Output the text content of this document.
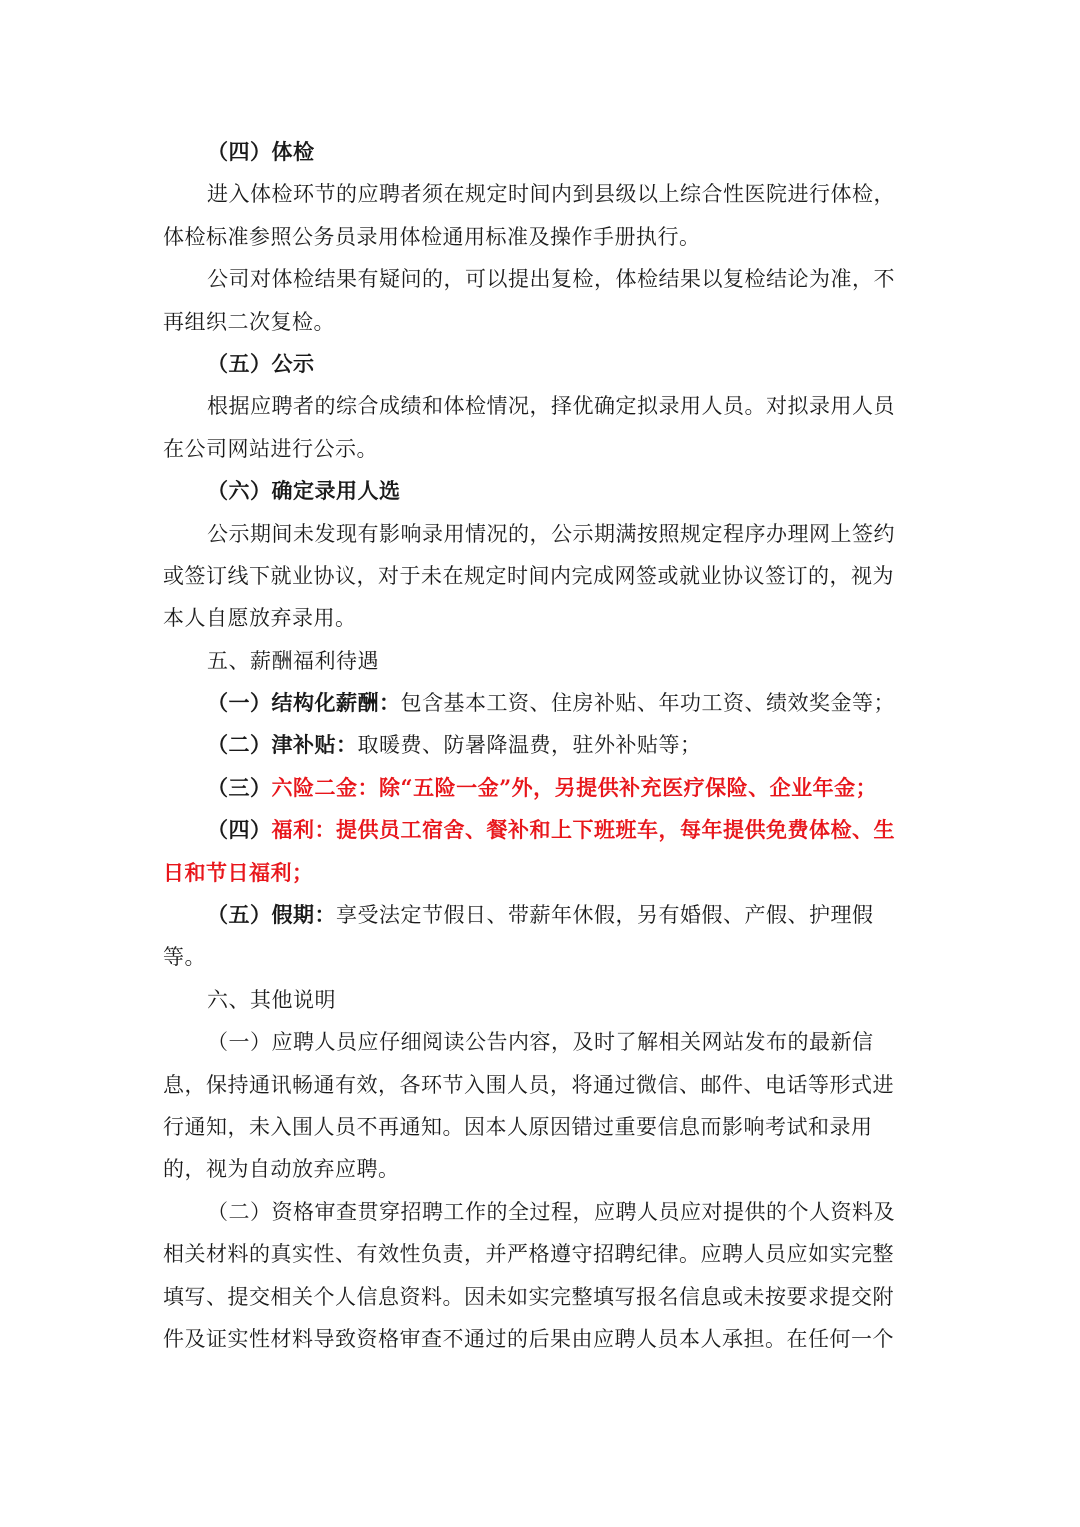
（四）体检
进入体检环节的应聘者须在规定时间内到县级以上综合性医院进行体检，
体检标准参照公务员录用体检通用标准及操作手册执行。
公司对体检结果有疑问的，可以提出复检，体检结果以复检结论为准，不
再组织二次复检。
（五）公示
根据应聘者的综合成绩和体检情况，择优确定拟录用人员。对拟录用人员
在公司网站进行公示。
（六）确定录用人选
公示期间未发现有影响录用情况的，公示期满按照规定程序办理网上签约
或签订线下就业协议，对于未在规定时间内完成网签或就业协议签订的，视为
本人自愿放弃录用。
五、薪酬福利待遇
（一）结构化薪酬：包含基本工资、住房补贴、年功工资、绩效奖金等；
（二）津补贴：取暖费、防暑降温费，驻外补贴等；
（三）六险二金：除“五险一金”外，另提供补充医疗保险、企业年金；
（四）福利：提供员工宿舍、餐补和上下班班车，每年提供免费体检、生
日和节日福利；
（五）假期：享受法定节假日、带薪年休假，另有婚假、产假、护理假
等。
六、其他说明
（一）应聘人员应仔细阅读公告内容，及时了解相关网站发布的最新信
息，保持通讯畅通有效，各环节入围人员，将通过微信、邮件、电话等形式进
行通知，未入围人员不再通知。因本人原因错过重要信息而影响考试和录用
的，视为自动放弃应聘。
（二）资格审查贯穿招聘工作的全过程，应聘人员应对提供的个人资料及
相关材料的真实性、有效性负责，并严格遵守招聘纪律。应聘人员应如实完整
填写、提交相关个人信息资料。因未如实完整填写报名信息或未按要求提交附
件及证实性材料导致资格审查不通过的后果由应聘人员本人承担。在任何一个
